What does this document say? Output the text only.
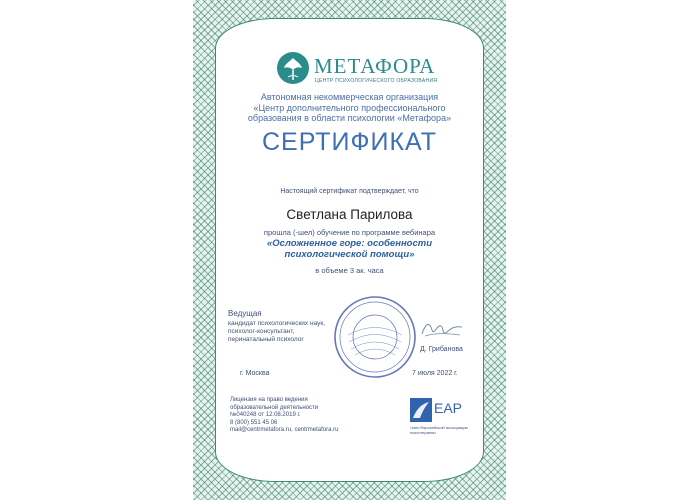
МЕТАФОРА
ЦЕНТР ПСИХОЛОГИЧЕСКОГО ОБРАЗОВАНИЯ
Автономная некоммерческая организация
«Центр дополнительного профессионального
образования в области психологии «Метафора»
СЕРТИФИКАТ
Настоящий сертификат подтверждает, что
Светлана Парилова
прошла (-шел) обучение по программе вебинара
«Осложненное горе: особенности
психологической помощи»
в объеме 3 ак. часа
Ведущая
кандидат психологических наук,
психолог-консультант,
перинатальный психолог
Д. Грибанова
г. Москва	7 июля 2022 г.
Лицензия на право ведения
образовательной деятельности
№040248 от 12.08.2019 г.
8 (800) 551 45 06
mail@centrmetafora.ru, centrmetafora.ru
EAP
Член Европейской ассоциации психотерапии
